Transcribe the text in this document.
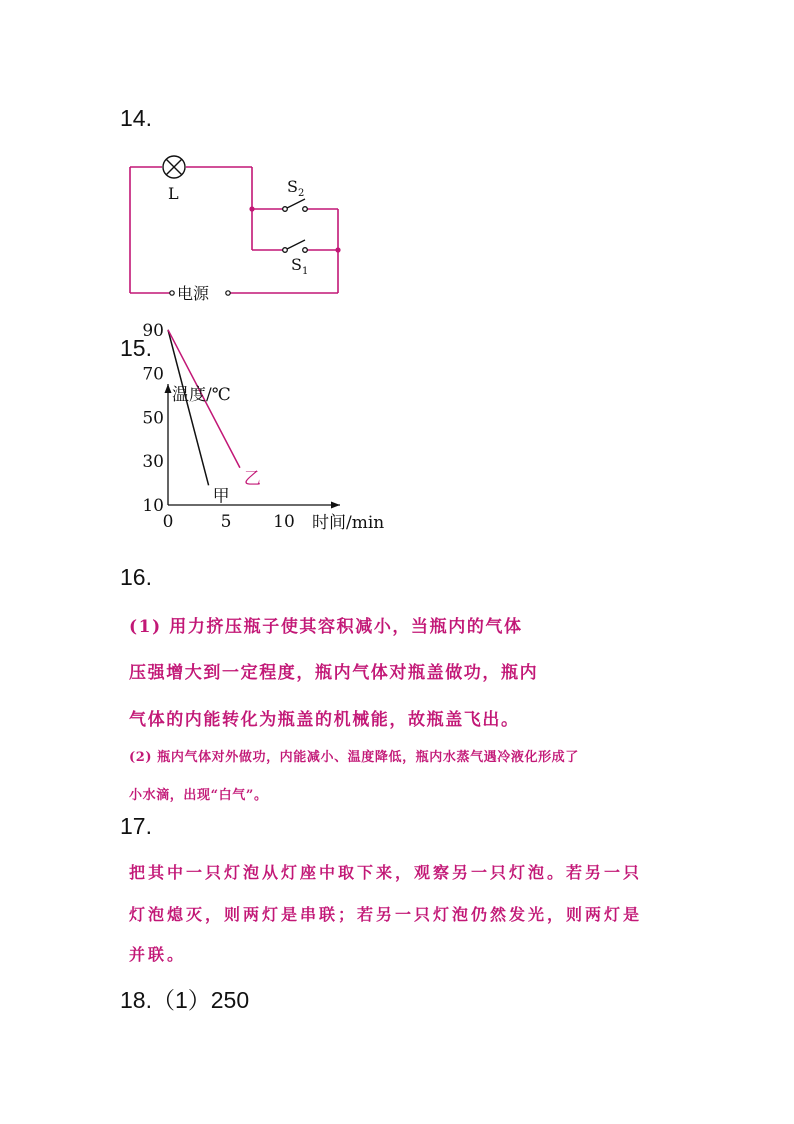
14.
L	$S_2$
$S_1$
电源
15.
10
30
50
70
90
0	5 10
甲
乙
温度/℃
时间/min
16.
(1) 用力挤压瓶子使其容积减小，当瓶内的气体
压强增大到一定程度，瓶内气体对瓶盖做功，瓶内
气体的内能转化为瓶盖的机械能，故瓶盖飞出。
(2) 瓶内气体对外做功，内能减小、温度降低，瓶内水蒸气遇冷液化形成了
小水滴，出现“白气”。
17.
把其中一只灯泡从灯座中取下来，观察另一只灯泡。若另一只
灯泡熄灭，则两灯是串联；若另一只灯泡仍然发光，则两灯是
并联。
18.（1）250
